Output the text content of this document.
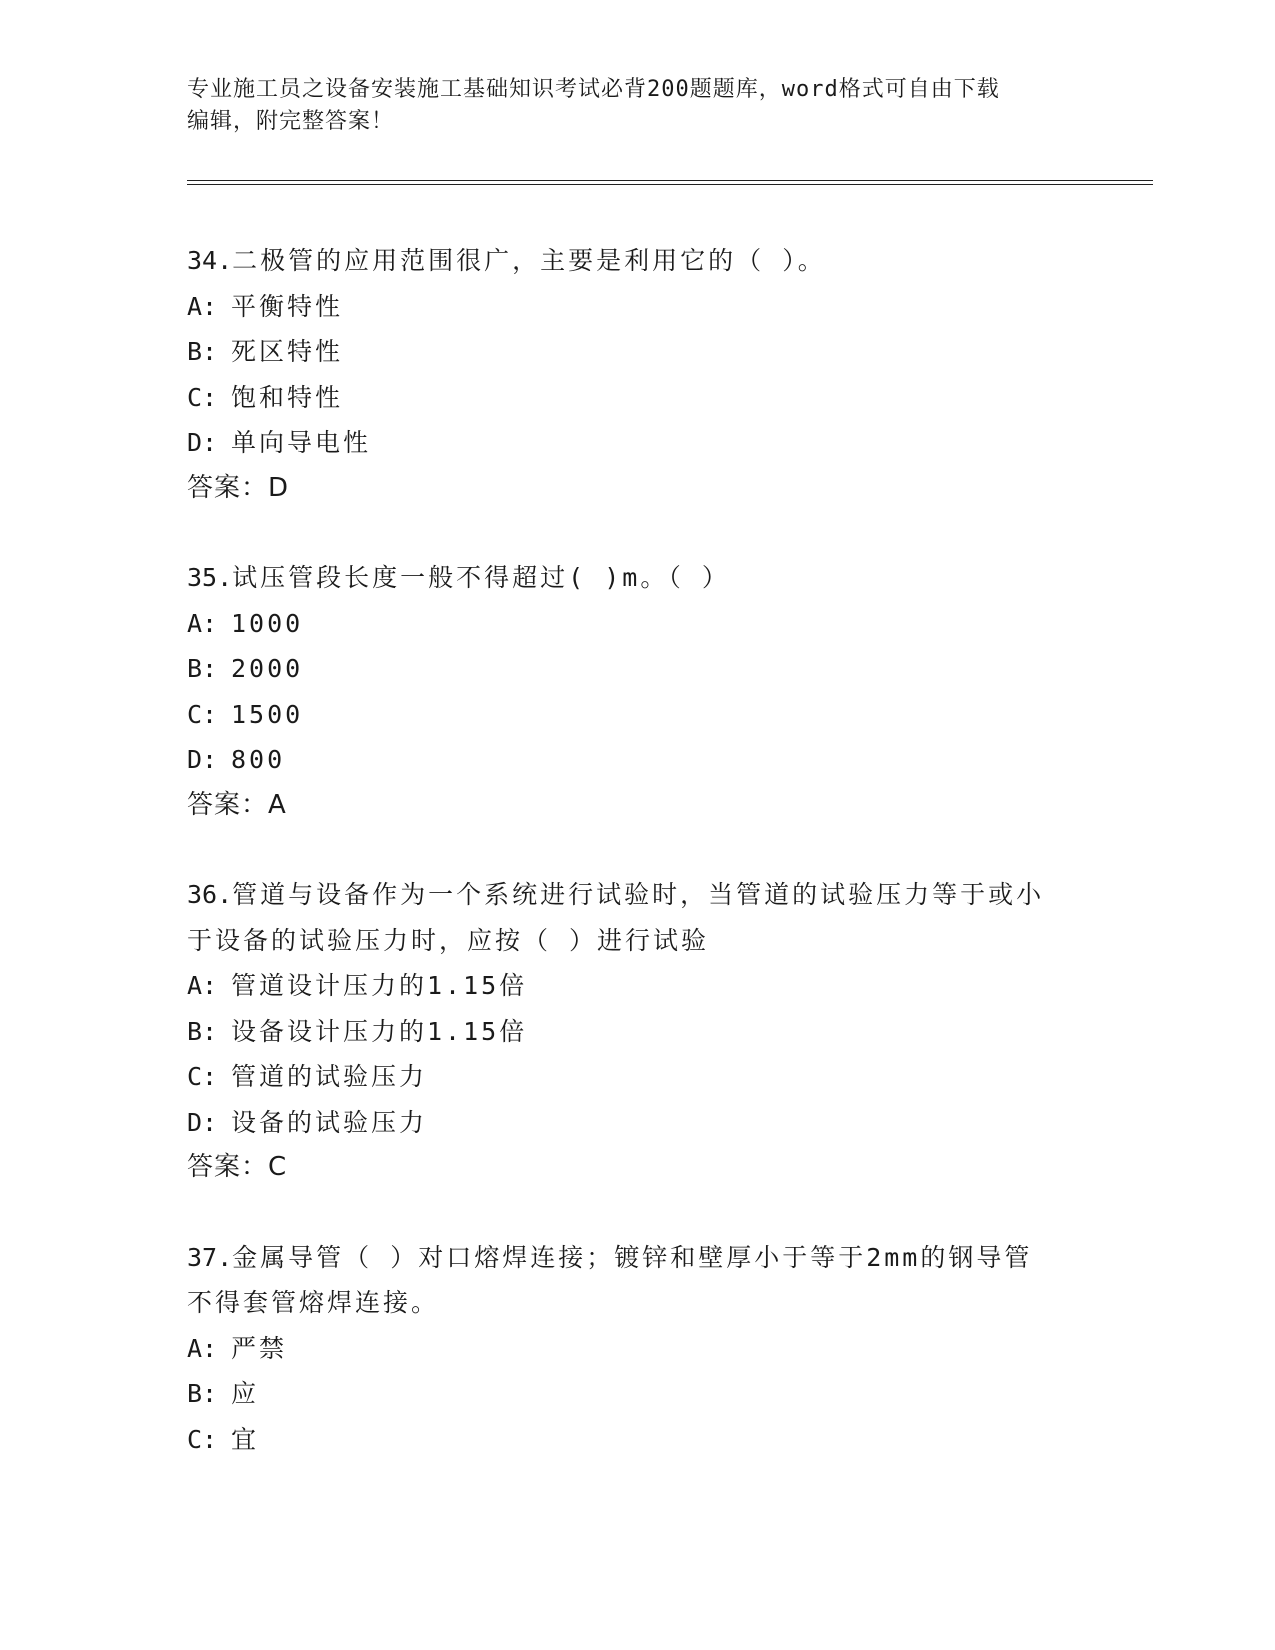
专业施工员之设备安装施工基础知识考试必背200题题库，word格式可自由下载
编辑，附完整答案！
34.二极管的应用范围很广，主要是利用它的（ ）。
A: 平衡特性
B: 死区特性
C: 饱和特性
D: 单向导电性
答案：D
35.试压管段长度一般不得超过( )m。（ ）
A: 1000
B: 2000
C: 1500
D: 800
答案：A
36.管道与设备作为一个系统进行试验时，当管道的试验压力等于或小
于设备的试验压力时，应按（ ）进行试验
A: 管道设计压力的1.15倍
B: 设备设计压力的1.15倍
C: 管道的试验压力
D: 设备的试验压力
答案：C
37.金属导管（ ）对口熔焊连接；镀锌和壁厚小于等于2mm的钢导管
不得套管熔焊连接。
A: 严禁
B: 应
C: 宜
